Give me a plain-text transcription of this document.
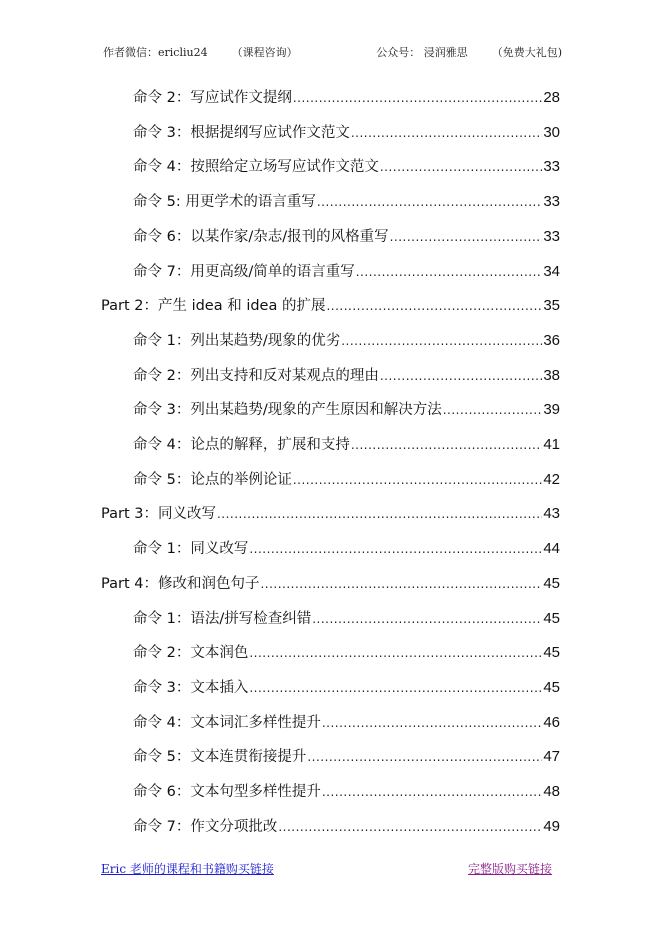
作者微信：ericliu24 （课程咨询）	公众号： 浸润雅思 （免费大礼包)
命令 2：写应试作文提纲 .....	28
命令 3：根据提纲写应试作文范文 .....	30
命令 4：按照给定立场写应试作文范文 .....	33
命令 5: 用更学术的语言重写 .....	33
命令 6：以某作家/杂志/报刊的风格重写 .....	33
命令 7：用更高级/简单的语言重写 .....	34
Part 2：产生 idea 和 idea 的扩展 .....	35
命令 1：列出某趋势/现象的优劣 .....	36
命令 2：列出支持和反对某观点的理由 .....	38
命令 3：列出某趋势/现象的产生原因和解决方法 .....	39
命令 4：论点的解释，扩展和支持 .....	41
命令 5：论点的举例论证 .....	42
Part 3：同义改写 .....	43
命令 1：同义改写 .....	44
Part 4：修改和润色句子 .....	45
命令 1：语法/拼写检查纠错 .....	45
命令 2：文本润色 .....	45
命令 3：文本插入 .....	45
命令 4：文本词汇多样性提升 .....	46
命令 5：文本连贯衔接提升 .....	47
命令 6：文本句型多样性提升 .....	48
命令 7：作文分项批改 .....	49
Eric 老师的课程和书籍购买链接	完整版购买链接
